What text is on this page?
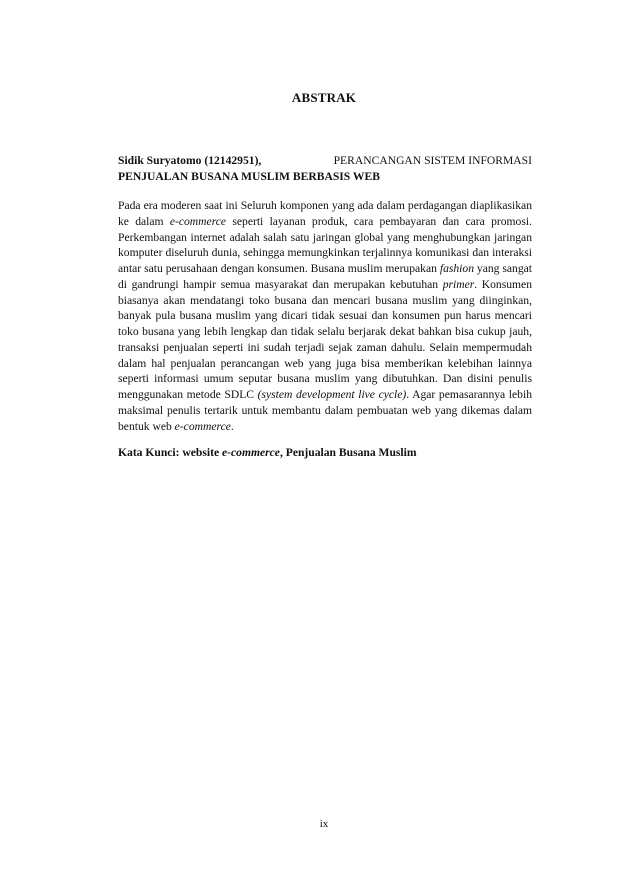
ABSTRAK
Sidik Suryatomo (12142951),	PERANCANGAN SISTEM INFORMASI

PENJUALAN BUSANA MUSLIM BERBASIS WEB
Pada era moderen saat ini Seluruh komponen yang ada dalam perdagangan diaplikasikan ke dalam e-commerce seperti layanan produk, cara pembayaran dan cara promosi. Perkembangan internet adalah salah satu jaringan global yang menghubungkan jaringan komputer diseluruh dunia, sehingga memungkinkan terjalinnya komunikasi dan interaksi antar satu perusahaan dengan konsumen. Busana muslim merupakan fashion yang sangat di gandrungi hampir semua masyarakat dan merupakan kebutuhan primer. Konsumen biasanya akan mendatangi toko busana dan mencari busana muslim yang diinginkan, banyak pula busana muslim yang dicari tidak sesuai dan konsumen pun harus mencari toko busana yang lebih lengkap dan tidak selalu berjarak dekat bahkan bisa cukup jauh, transaksi penjualan seperti ini sudah terjadi sejak zaman dahulu. Selain mempermudah dalam hal penjualan perancangan web yang juga bisa memberikan kelebihan lainnya seperti informasi umum seputar busana muslim yang dibutuhkan. Dan disini penulis menggunakan metode SDLC (system development live cycle). Agar pemasarannya lebih maksimal penulis tertarik untuk membantu dalam pembuatan web yang dikemas dalam bentuk web e-commerce.
Kata Kunci: website e-commerce, Penjualan Busana Muslim
ix
